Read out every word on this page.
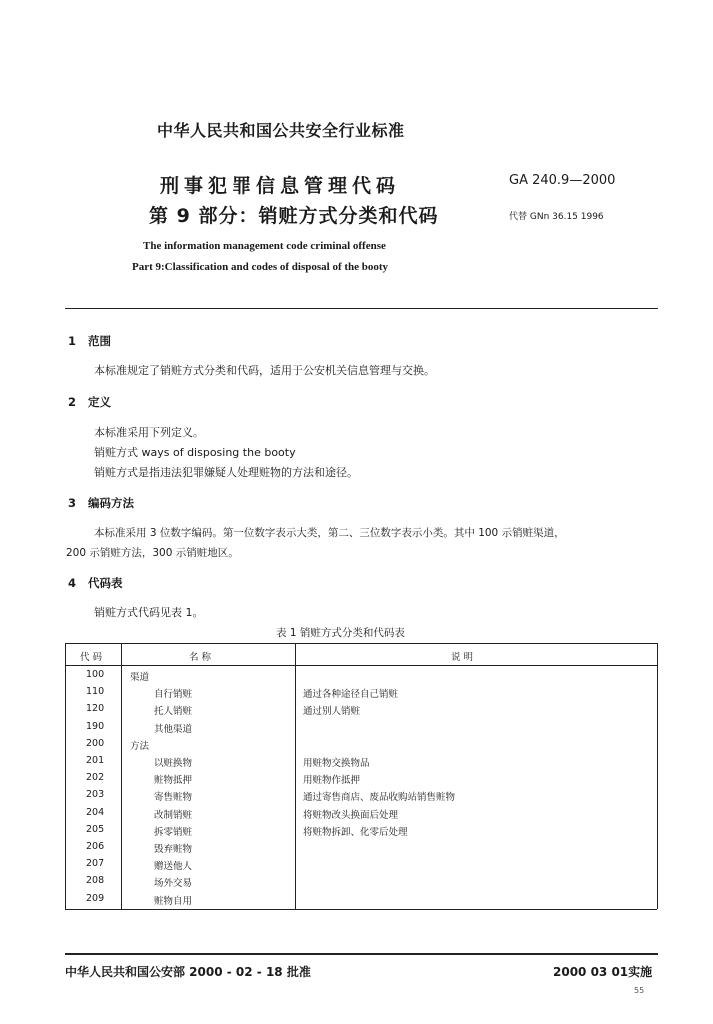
中华人民共和国公共安全行业标准
刑事犯罪信息管理代码
第 9 部分：销赃方式分类和代码
GA 240.9—2000
代替 GNn 36.15 1996
The information management code criminal offense
Part 9:Classification and codes of disposal of the booty
1 范围
本标准规定了销赃方式分类和代码，适用于公安机关信息管理与交换。
2 定义
本标准采用下列定义。
销赃方式 ways of disposing the booty
销赃方式是指违法犯罪嫌疑人处理赃物的方法和途径。
3 编码方法
本标准采用 3 位数字编码。第一位数字表示大类，第二、三位数字表示小类。其中 100 示销赃渠道，
200 示销赃方法，300 示销赃地区。
4 代码表
销赃方式代码见表 1。
表 1 销赃方式分类和代码表
代 码	名 称	说 明
100	渠道
110	自行销赃	通过各种途径自己销赃
120	托人销赃	通过别人销赃
190	其他渠道
200	方法
201	以赃换物	用赃物交换物品
202	赃物抵押	用赃物作抵押
203	寄售赃物	通过寄售商店、废品收购站销售赃物
204	改制销赃	将赃物改头换面后处理
205	拆零销赃	将赃物拆卸、化零后处理
206	毁弃赃物
207	赠送他人
208	场外交易
209	赃物自用
中华人民共和国公安部 2000 - 02 - 18 批准	2000 03 01实施
55
